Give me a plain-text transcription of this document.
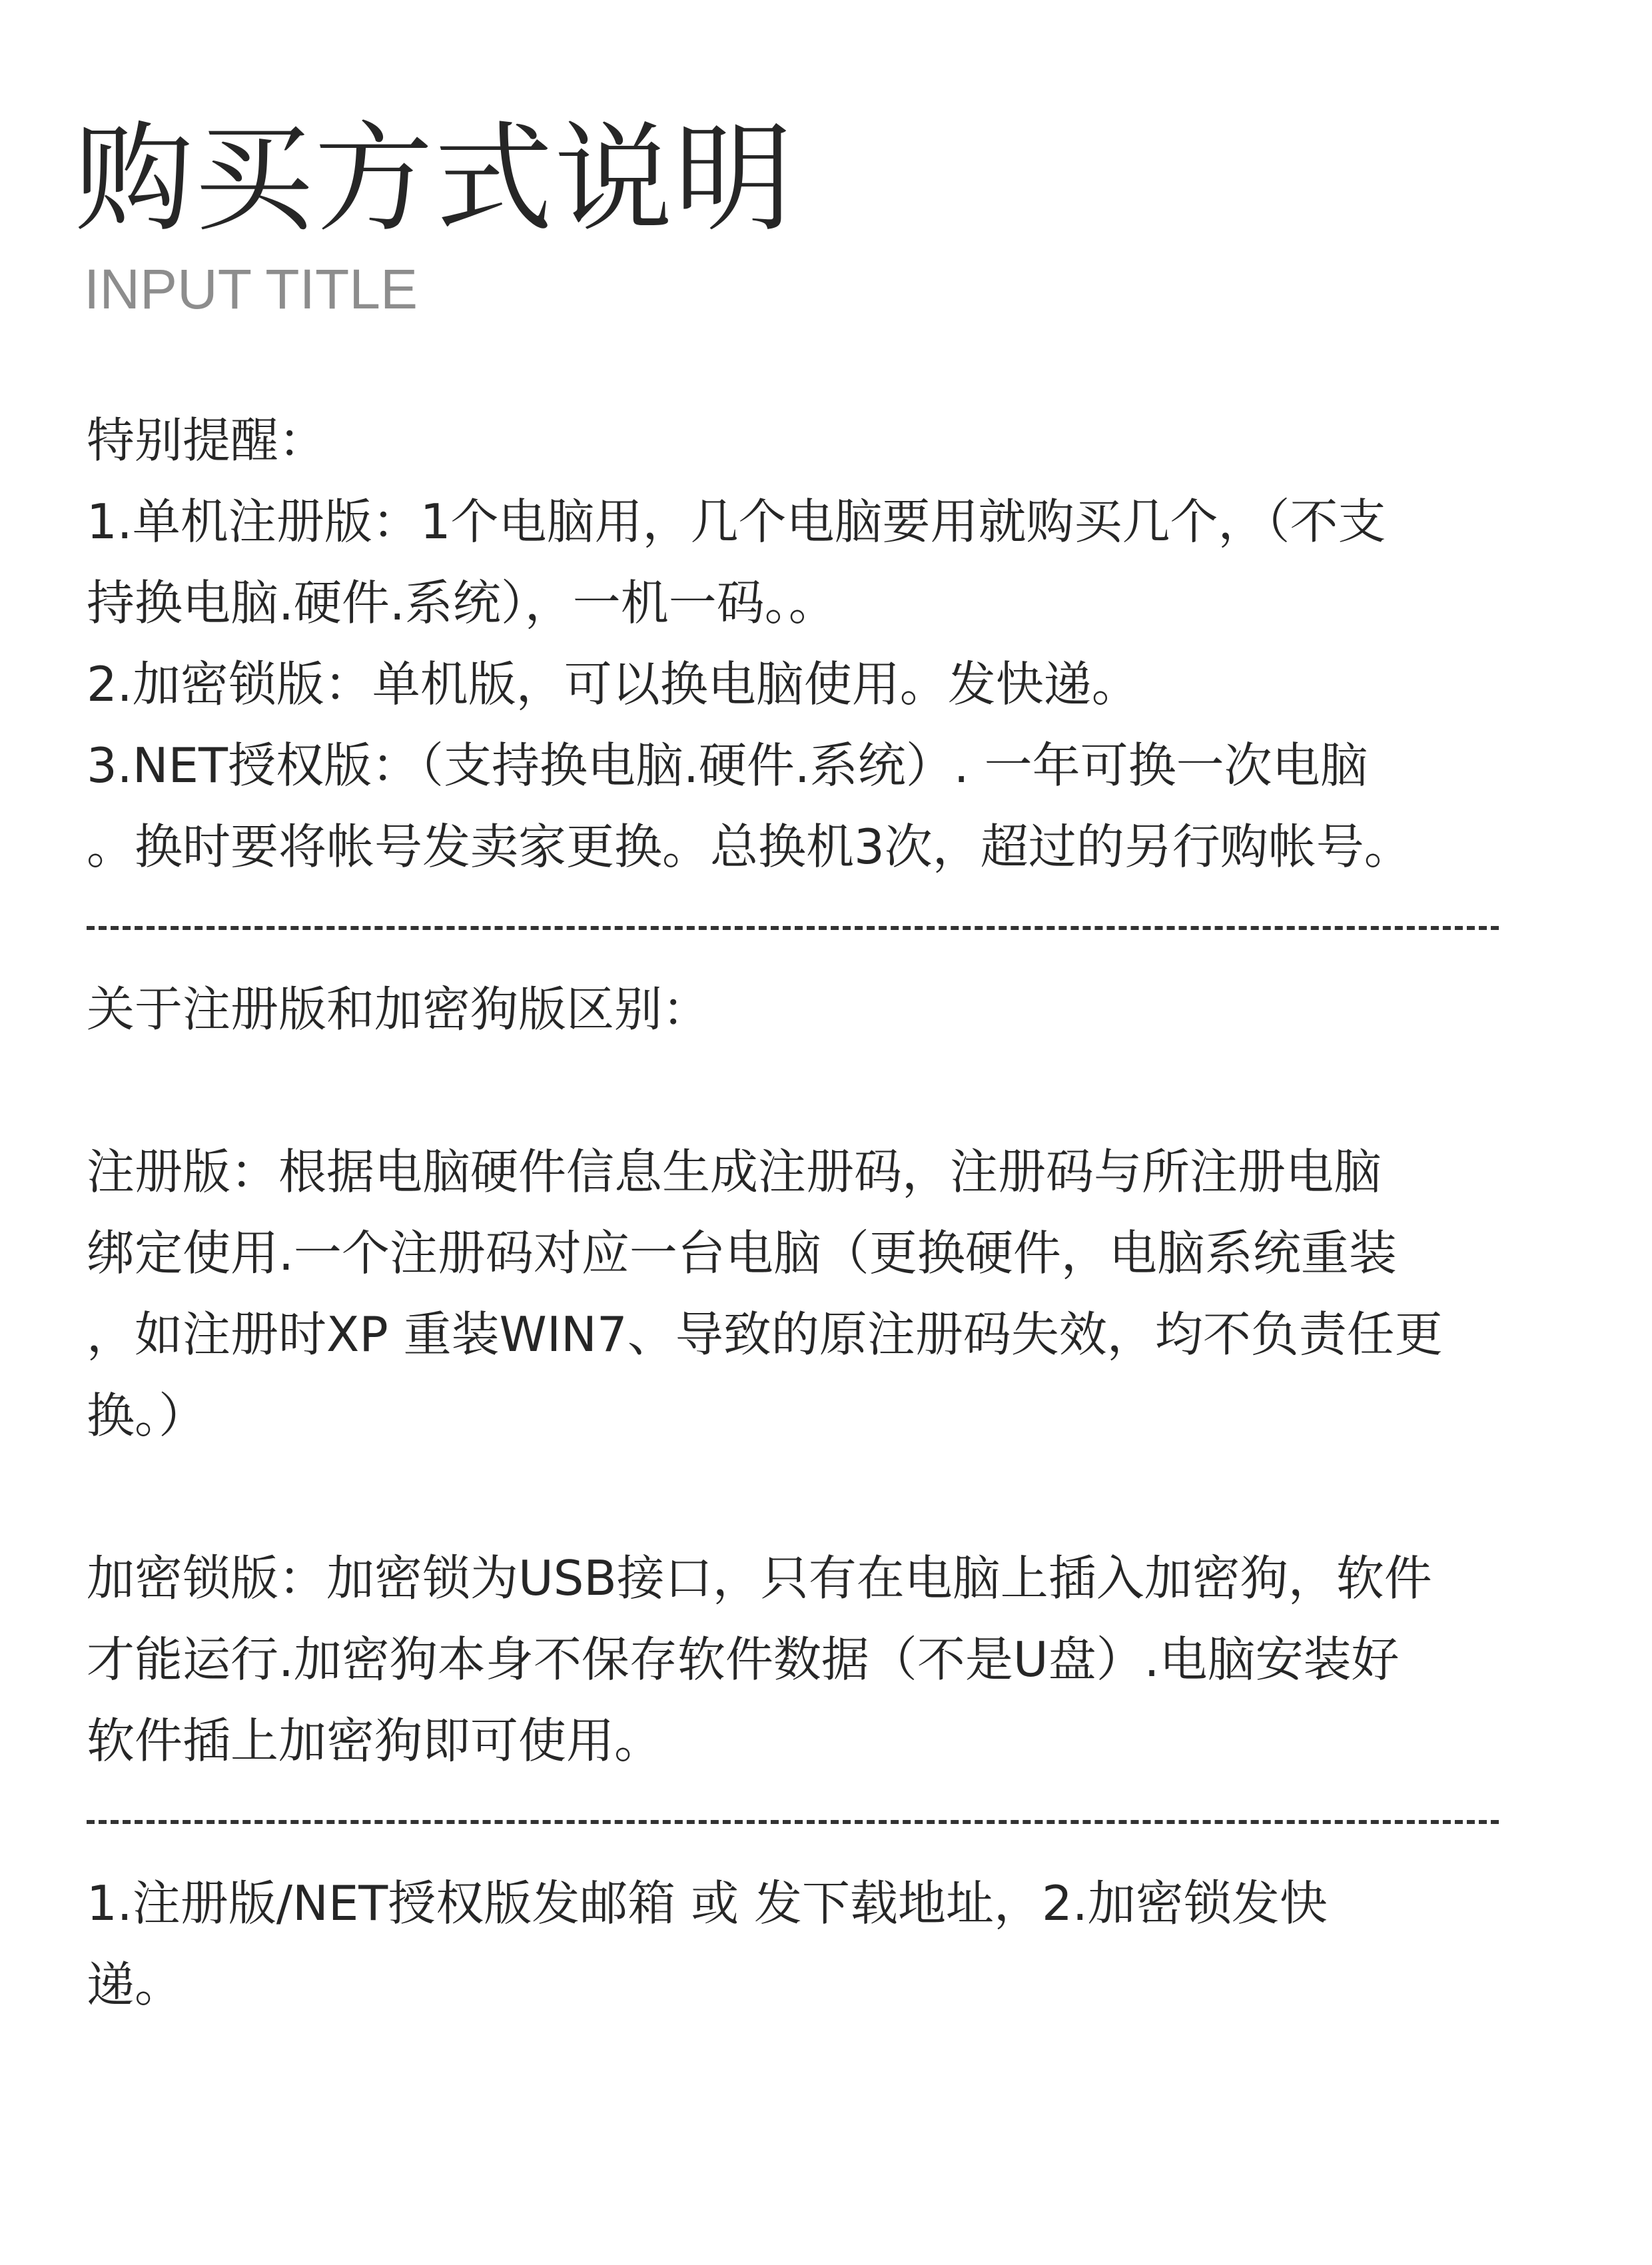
购买方式说明
INPUT TITLE
特别提醒：
1.单机注册版：1个电脑用，几个电脑要用就购买几个，（不支
持换电脑.硬件.系统），一机一码。。
2.加密锁版：单机版，可以换电脑使用。发快递。
3.NET授权版：（支持换电脑.硬件.系统）. 一年可换一次电脑
。换时要将帐号发卖家更换。总换机3次，超过的另行购帐号。
关于注册版和加密狗版区别：
注册版：根据电脑硬件信息生成注册码，注册码与所注册电脑
绑定使用.一个注册码对应一台电脑（更换硬件，电脑系统重装
，如注册时XP 重装WIN7、导致的原注册码失效，均不负责任更
换。）
加密锁版：加密锁为USB接口，只有在电脑上插入加密狗，软件
才能运行.加密狗本身不保存软件数据（不是U盘）.电脑安装好
软件插上加密狗即可使用。
1.注册版/NET授权版发邮箱 或 发下载地址，2.加密锁发快
递。
